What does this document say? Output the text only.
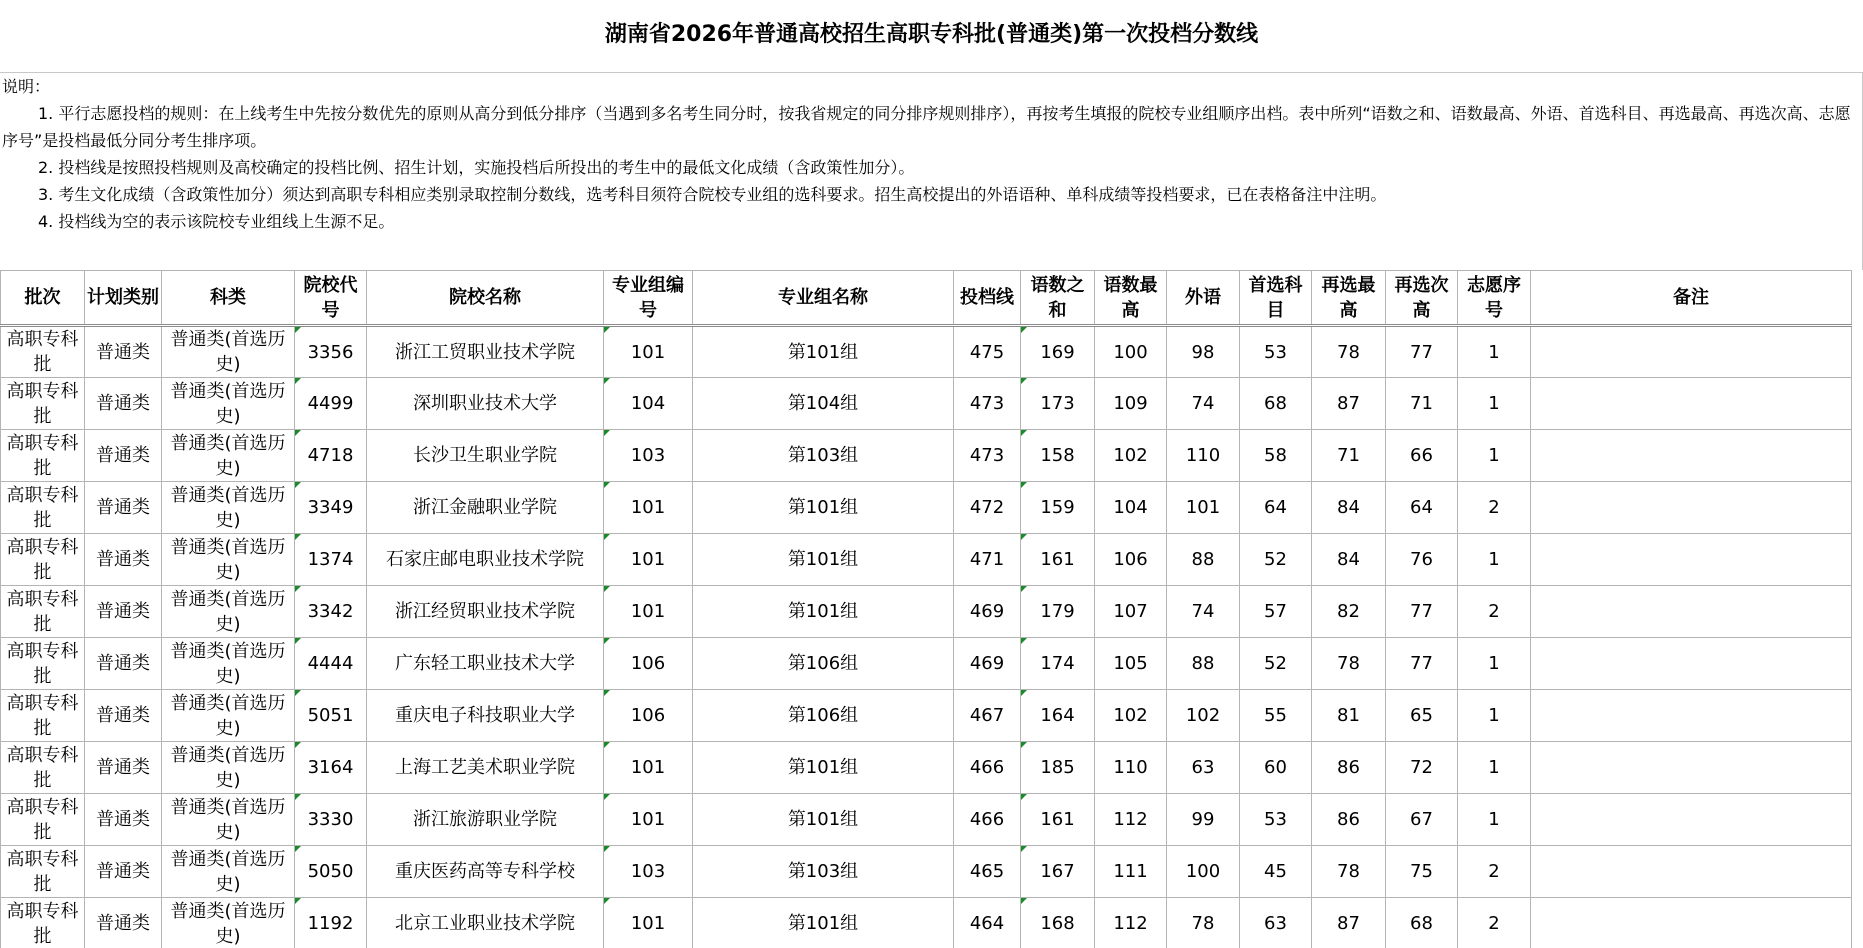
湖南省2026年普通高校招生高职专科批(普通类)第一次投档分数线
说明：
1. 平行志愿投档的规则：在上线考生中先按分数优先的原则从高分到低分排序（当遇到多名考生同分时，按我省规定的同分排序规则排序），再按考生填报的院校专业组顺序出档。表中所列“语数之和、语数最高、外语、首选科目、再选最高、再选次高、志愿序号”是投档最低分同分考生排序项。
2. 投档线是按照投档规则及高校确定的投档比例、招生计划，实施投档后所投出的考生中的最低文化成绩（含政策性加分）。
3. 考生文化成绩（含政策性加分）须达到高职专科相应类别录取控制分数线，选考科目须符合院校专业组的选科要求。招生高校提出的外语语种、单科成绩等投档要求，已在表格备注中注明。
4. 投档线为空的表示该院校专业组线上生源不足。
批次	计划类别	科类	院校代号	院校名称	专业组编号	专业组名称	投档线	语数之和	语数最高	外语	首选科目	再选最高	再选次高	志愿序号	备注
高职专科批	普通类	普通类(首选历史)	3356	浙江工贸职业技术学院	101	第101组	475	169	100	98	53	78	77	1	
高职专科批	普通类	普通类(首选历史)	4499	深圳职业技术大学	104	第104组	473	173	109	74	68	87	71	1	
高职专科批	普通类	普通类(首选历史)	4718	长沙卫生职业学院	103	第103组	473	158	102	110	58	71	66	1	
高职专科批	普通类	普通类(首选历史)	3349	浙江金融职业学院	101	第101组	472	159	104	101	64	84	64	2	
高职专科批	普通类	普通类(首选历史)	1374	石家庄邮电职业技术学院	101	第101组	471	161	106	88	52	84	76	1	
高职专科批	普通类	普通类(首选历史)	3342	浙江经贸职业技术学院	101	第101组	469	179	107	74	57	82	77	2	
高职专科批	普通类	普通类(首选历史)	4444	广东轻工职业技术大学	106	第106组	469	174	105	88	52	78	77	1	
高职专科批	普通类	普通类(首选历史)	5051	重庆电子科技职业大学	106	第106组	467	164	102	102	55	81	65	1	
高职专科批	普通类	普通类(首选历史)	3164	上海工艺美术职业学院	101	第101组	466	185	110	63	60	86	72	1	
高职专科批	普通类	普通类(首选历史)	3330	浙江旅游职业学院	101	第101组	466	161	112	99	53	86	67	1	
高职专科批	普通类	普通类(首选历史)	5050	重庆医药高等专科学校	103	第103组	465	167	111	100	45	78	75	2	
高职专科批	普通类	普通类(首选历史)	1192	北京工业职业技术学院	101	第101组	464	168	112	78	63	87	68	2	
